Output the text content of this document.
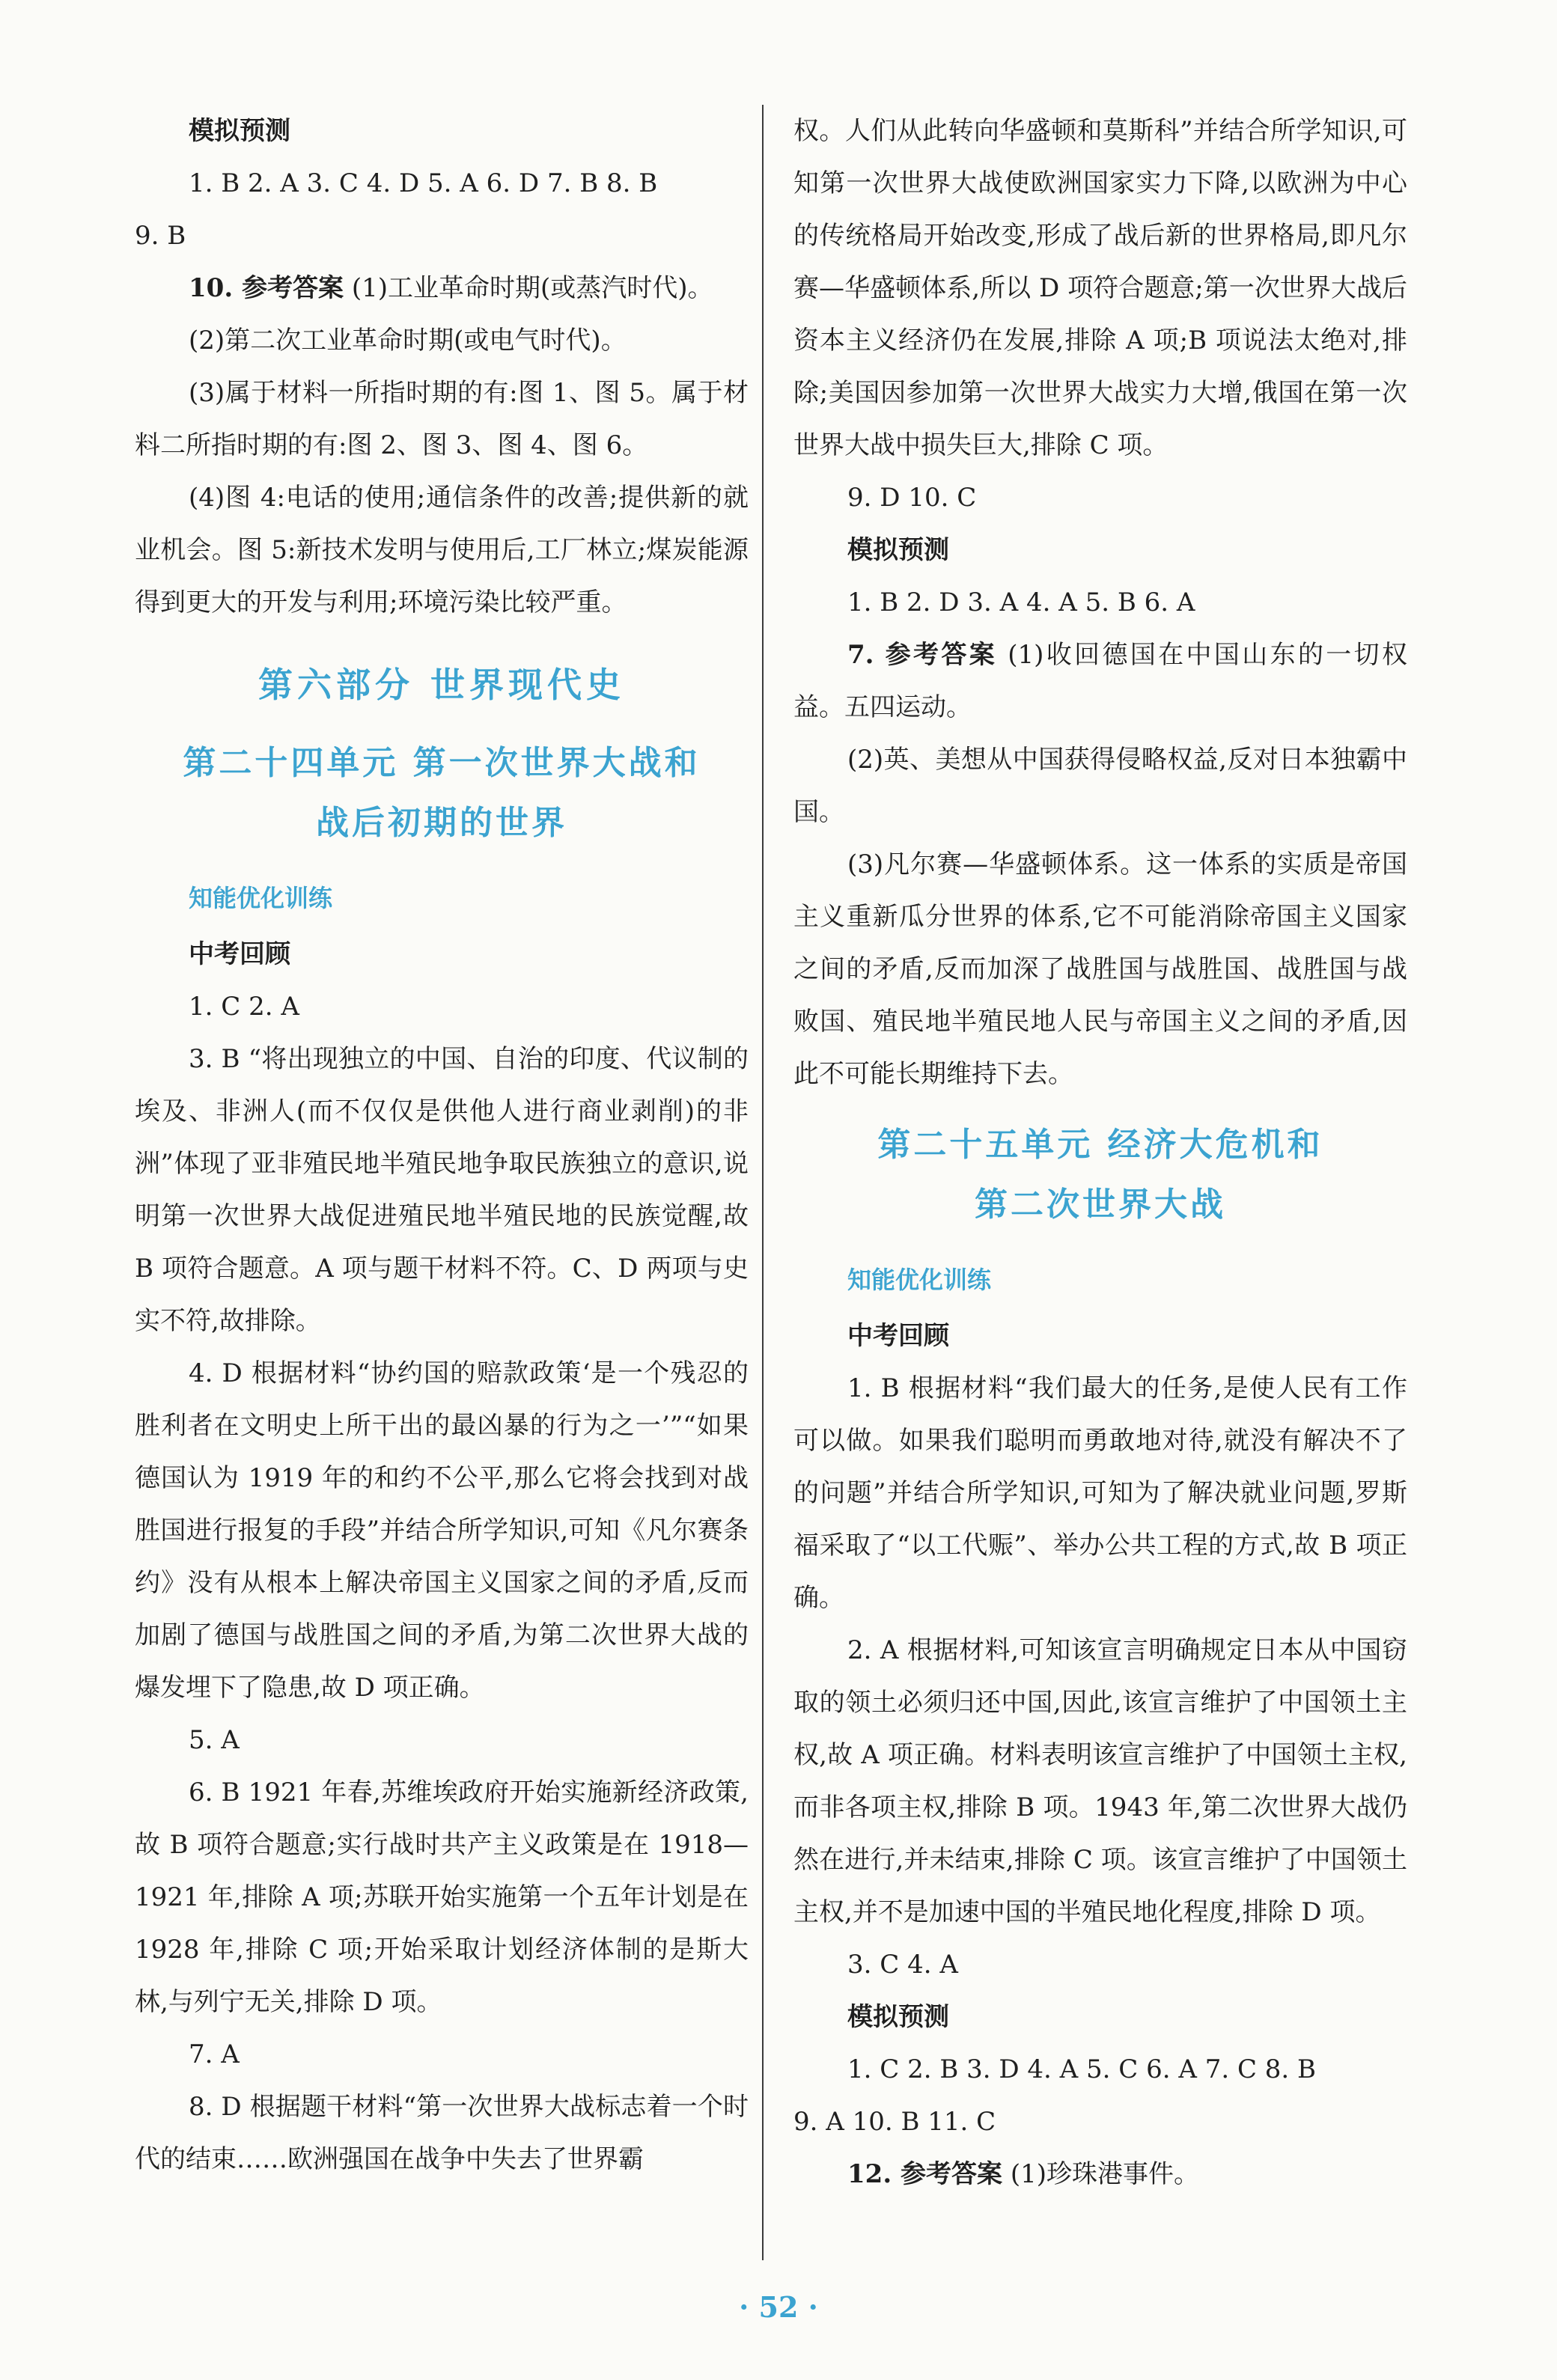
模拟预测

1. B 2. A 3. C 4. D 5. A 6. D 7. B 8. B

9. B

10. 参考答案 (1)工业革命时期(或蒸汽时代)。

(2)第二次工业革命时期(或电气时代)。

(3)属于材料一所指时期的有:图 1、图 5。属于材料二所指时期的有:图 2、图 3、图 4、图 6。

(4)图 4:电话的使用;通信条件的改善;提供新的就业机会。图 5:新技术发明与使用后,工厂林立;煤炭能源得到更大的开发与利用;环境污染比较严重。

第六部分 世界现代史
第二十四单元 第一次世界大战和
战后初期的世界

知能优化训练

中考回顾

1. C 2. A

3. B “将出现独立的中国、自治的印度、代议制的埃及、非洲人(而不仅仅是供他人进行商业剥削)的非洲”体现了亚非殖民地半殖民地争取民族独立的意识,说明第一次世界大战促进殖民地半殖民地的民族觉醒,故 B 项符合题意。A 项与题干材料不符。C、D 两项与史实不符,故排除。

4. D 根据材料“协约国的赔款政策‘是一个残忍的胜利者在文明史上所干出的最凶暴的行为之一’”“如果德国认为 1919 年的和约不公平,那么它将会找到对战胜国进行报复的手段”并结合所学知识,可知《凡尔赛条约》没有从根本上解决帝国主义国家之间的矛盾,反而加剧了德国与战胜国之间的矛盾,为第二次世界大战的爆发埋下了隐患,故 D 项正确。

5. A

6. B 1921 年春,苏维埃政府开始实施新经济政策,故 B 项符合题意;实行战时共产主义政策是在 1918—1921 年,排除 A 项;苏联开始实施第一个五年计划是在 1928 年,排除 C 项;开始采取计划经济体制的是斯大林,与列宁无关,排除 D 项。

7. A

8. D 根据题干材料“第一次世界大战标志着一个时代的结束……欧洲强国在战争中失去了世界霸

权。人们从此转向华盛顿和莫斯科”并结合所学知识,可知第一次世界大战使欧洲国家实力下降,以欧洲为中心的传统格局开始改变,形成了战后新的世界格局,即凡尔赛—华盛顿体系,所以 D 项符合题意;第一次世界大战后资本主义经济仍在发展,排除 A 项;B 项说法太绝对,排除;美国因参加第一次世界大战实力大增,俄国在第一次世界大战中损失巨大,排除 C 项。

9. D 10. C

模拟预测

1. B 2. D 3. A 4. A 5. B 6. A

7. 参考答案 (1)收回德国在中国山东的一切权益。五四运动。

(2)英、美想从中国获得侵略权益,反对日本独霸中国。

(3)凡尔赛—华盛顿体系。这一体系的实质是帝国主义重新瓜分世界的体系,它不可能消除帝国主义国家之间的矛盾,反而加深了战胜国与战胜国、战胜国与战败国、殖民地半殖民地人民与帝国主义之间的矛盾,因此不可能长期维持下去。

第二十五单元 经济大危机和
第二次世界大战

知能优化训练

中考回顾

1. B 根据材料“我们最大的任务,是使人民有工作可以做。如果我们聪明而勇敢地对待,就没有解决不了的问题”并结合所学知识,可知为了解决就业问题,罗斯福采取了“以工代赈”、举办公共工程的方式,故 B 项正确。

2. A 根据材料,可知该宣言明确规定日本从中国窃取的领土必须归还中国,因此,该宣言维护了中国领土主权,故 A 项正确。材料表明该宣言维护了中国领土主权,而非各项主权,排除 B 项。1943 年,第二次世界大战仍然在进行,并未结束,排除 C 项。该宣言维护了中国领土主权,并不是加速中国的半殖民地化程度,排除 D 项。

3. C 4. A

模拟预测

1. C 2. B 3. D 4. A 5. C 6. A 7. C 8. B

9. A 10. B 11. C

12. 参考答案 (1)珍珠港事件。

· 52 ·
